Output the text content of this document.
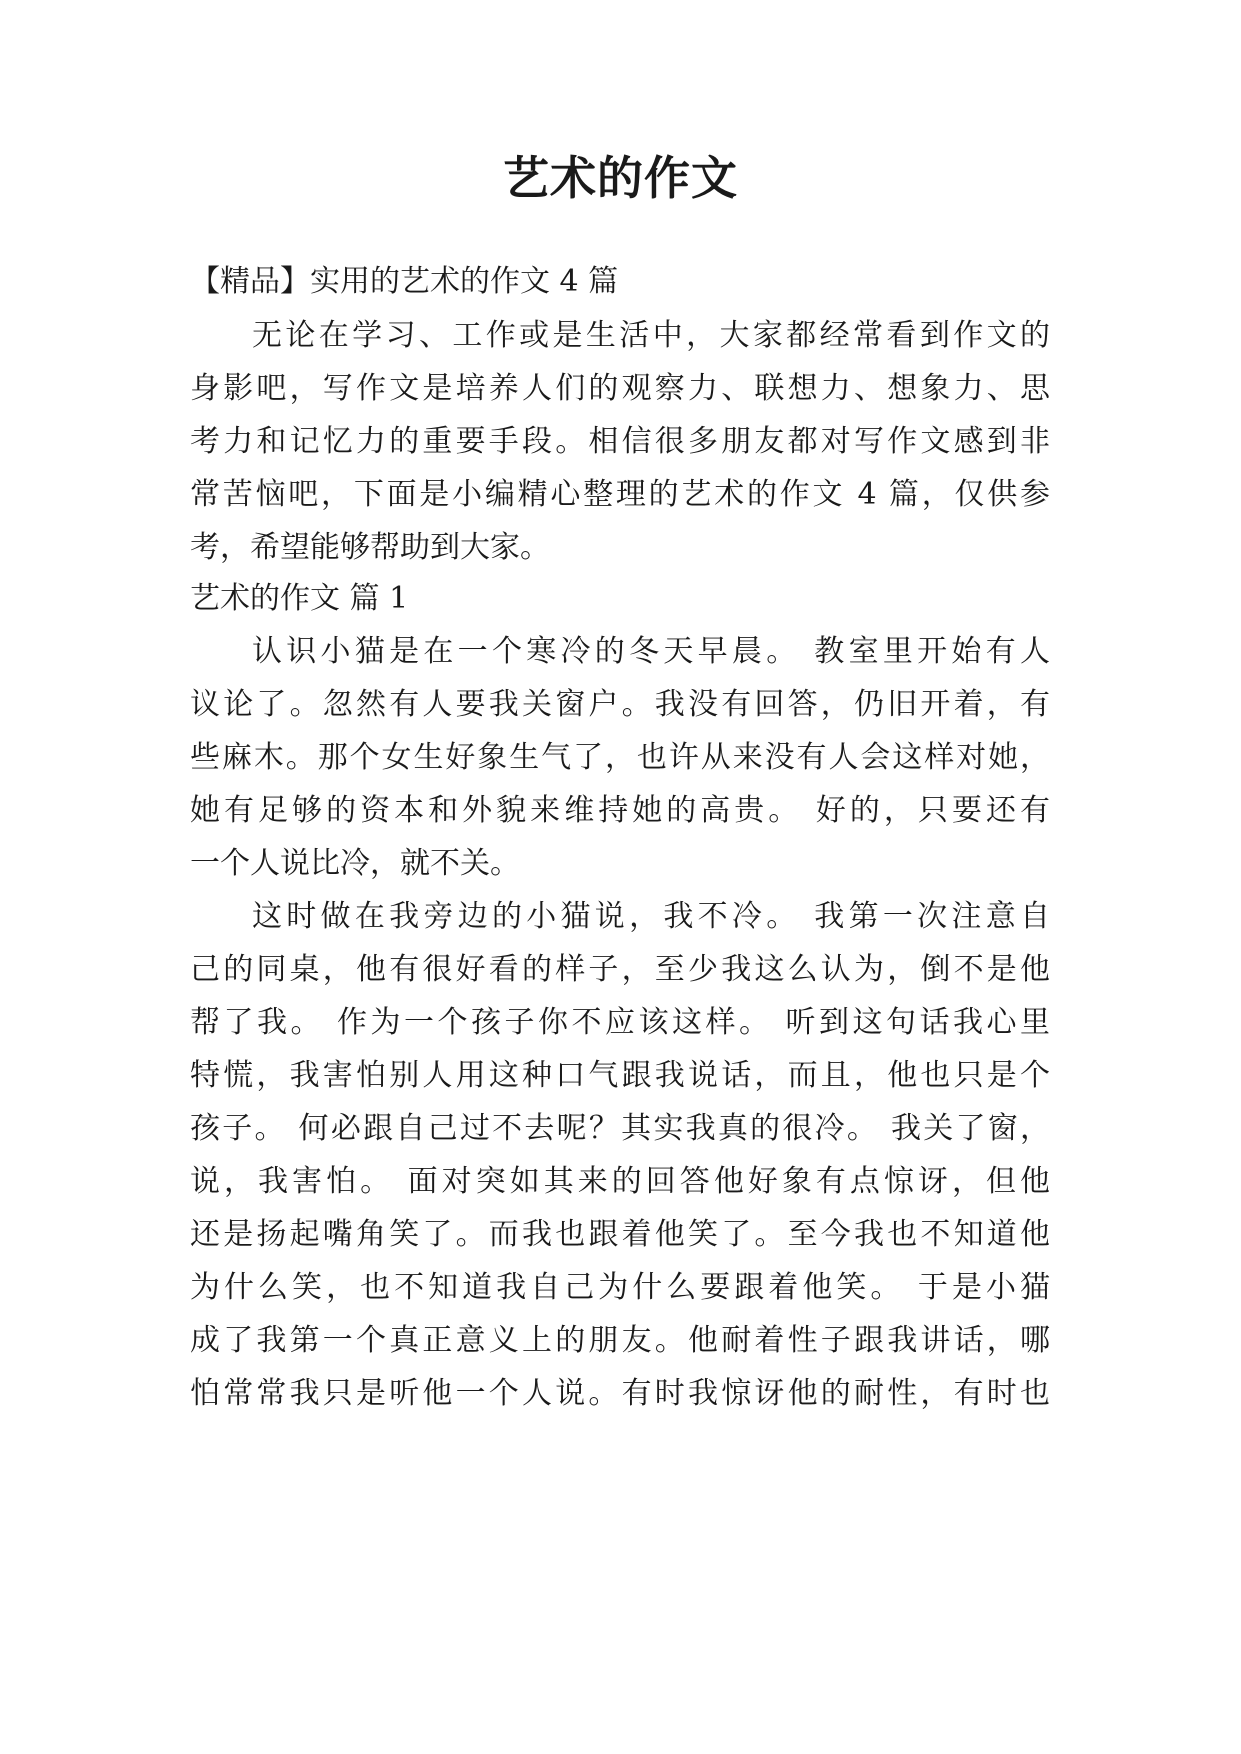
艺术的作文
【精品】实用的艺术的作文 4 篇
无论在学习、工作或是生活中，大家都经常看到作文的
身影吧，写作文是培养人们的观察力、联想力、想象力、思
考力和记忆力的重要手段。相信很多朋友都对写作文感到非
常苦恼吧，下面是小编精心整理的艺术的作文 4 篇，仅供参
考，希望能够帮助到大家。
艺术的作文 篇 1
认识小猫是在一个寒冷的冬天早晨。 教室里开始有人
议论了。忽然有人要我关窗户。我没有回答，仍旧开着，有
些麻木。那个女生好象生气了，也许从来没有人会这样对她，
她有足够的资本和外貌来维持她的高贵。 好的，只要还有
一个人说比冷，就不关。
这时做在我旁边的小猫说，我不冷。 我第一次注意自
己的同桌，他有很好看的样子，至少我这么认为，倒不是他
帮了我。 作为一个孩子你不应该这样。 听到这句话我心里
特慌，我害怕别人用这种口气跟我说话，而且，他也只是个
孩子。 何必跟自己过不去呢？其实我真的很冷。 我关了窗，
说，我害怕。 面对突如其来的回答他好象有点惊讶，但他
还是扬起嘴角笑了。而我也跟着他笑了。至今我也不知道他
为什么笑，也不知道我自己为什么要跟着他笑。 于是小猫
成了我第一个真正意义上的朋友。他耐着性子跟我讲话，哪
怕常常我只是听他一个人说。有时我惊讶他的耐性，有时也
